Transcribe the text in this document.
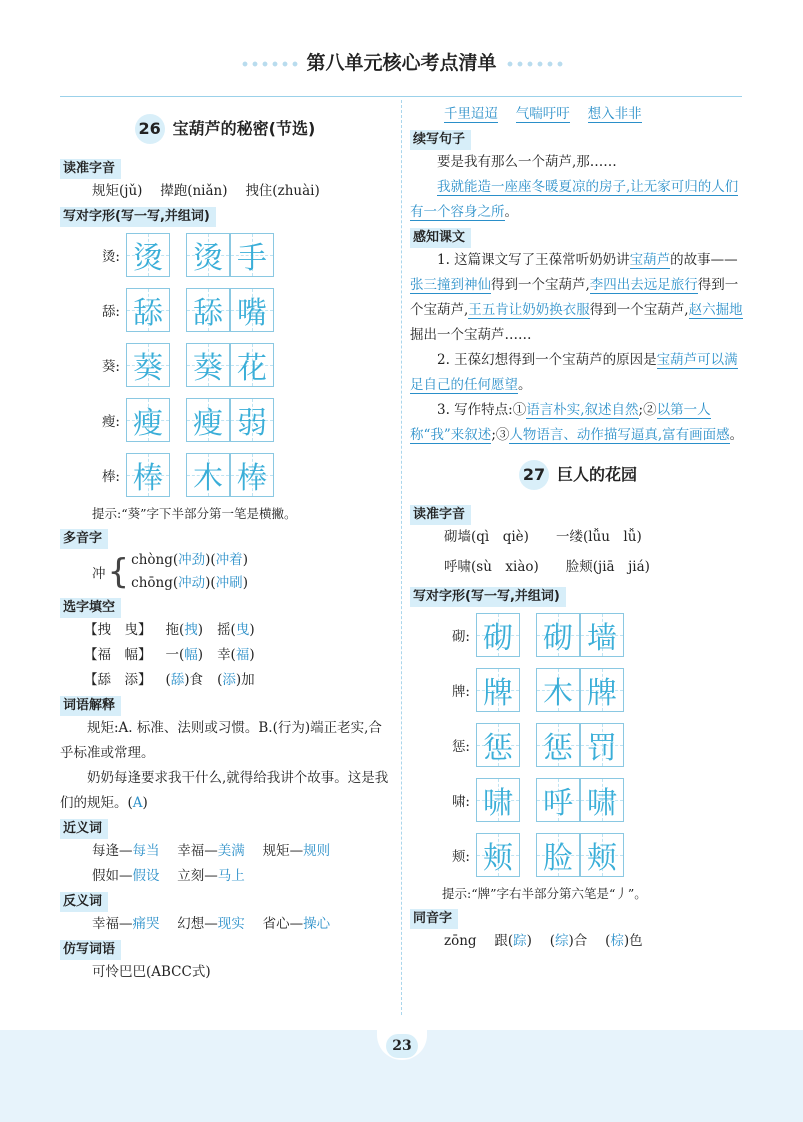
第八单元核心考点清单
26 宝葫芦的秘密(节选)
读准字音
规矩(jǔ)　 撵跑(niǎn)　 拽住(zhuài)
写对字形(写一写,并组词)
烫: 烫 烫 手
舔: 舔 舔 嘴
葵: 葵 葵 花
瘦: 瘦 瘦 弱
棒: 棒 木 棒
提示:“葵”字下半部分第一笔是横撇。
多音字
冲 { chòng(冲劲)(冲着)
chōng(冲动)(冲刷)
选字填空
【拽　曳】	拖(拽)	摇(曳)
【福　幅】	一(幅)	幸(福)
【舔　添】	(舔)食	(添)加
词语解释
规矩:A. 标准、法则或习惯。B.(行为)端正老实,合乎标准或常理。
奶奶每逢要求我干什么,就得给我讲个故事。这是我们的规矩。(A)
近义词
每逢—每当　 幸福—美满　 规矩—规则
假如—假设　 立刻—马上
反义词
幸福—痛哭　 幻想—现实　 省心—操心
仿写词语
可怜巴巴(ABCC式)
千里迢迢　 气喘吁吁　 想入非非
续写句子
要是我有那么一个葫芦,那……
我就能造一座座冬暖夏凉的房子,让无家可归的人们有一个容身之所。
感知课文
1. 这篇课文写了王葆常听奶奶讲宝葫芦的故事——张三撞到神仙得到一个宝葫芦,李四出去远足旅行得到一个宝葫芦,王五肯让奶奶换衣服得到一个宝葫芦,赵六掘地掘出一个宝葫芦……
2. 王葆幻想得到一个宝葫芦的原因是宝葫芦可以满足自己的任何愿望。
3. 写作特点:①语言朴实,叙述自然;②以第一人称“我”来叙述;③人物语言、动作描写逼真,富有画面感。
27 巨人的花园
读准字音
砌墙(qì　qiè)　　 一缕(lǚu　lǚ)
呼啸(sù　xiào)　　 脸颊(jiā　jiá)
写对字形(写一写,并组词)
砌: 砌 砌 墙
牌: 牌 木 牌
惩: 惩 惩 罚
啸: 啸 呼 啸
颊: 颊 脸 颊
提示:“牌”字右半部分第六笔是“丿”。
同音字
zōng　 跟(踪)　 (综)合　 (棕)色
23
